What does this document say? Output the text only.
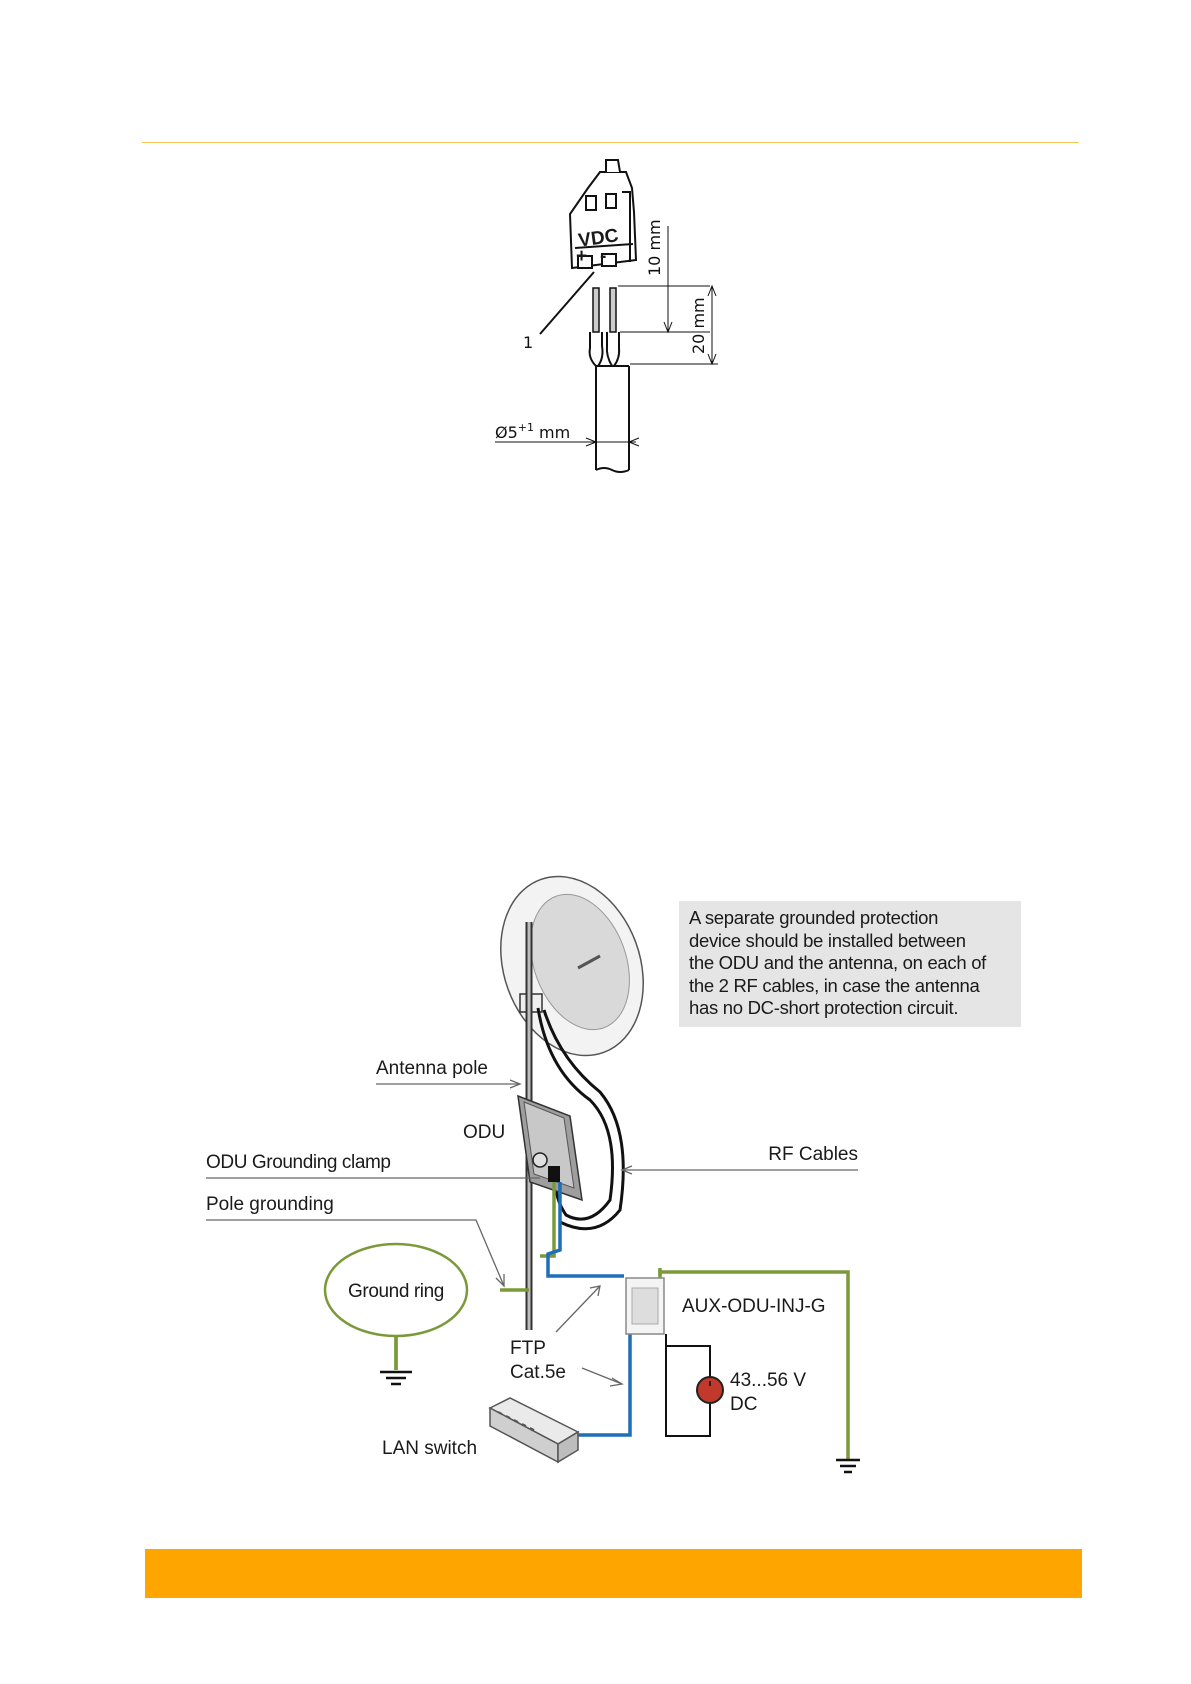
VDC
+ - 10 mm
20 mm
1
$Ø5^{+1}$ mm
Antenna pole
ODU
ODU Grounding clamp
Pole grounding
Ground ring
RF Cables
AUX-ODU-INJ-G
FTP
Cat.5e	43...56 V
DC
LAN switch
A separate grounded protection
device should be installed between
the ODU and the antenna, on each of
the 2 RF cables, in case the antenna
has no DC-short protection circuit.
